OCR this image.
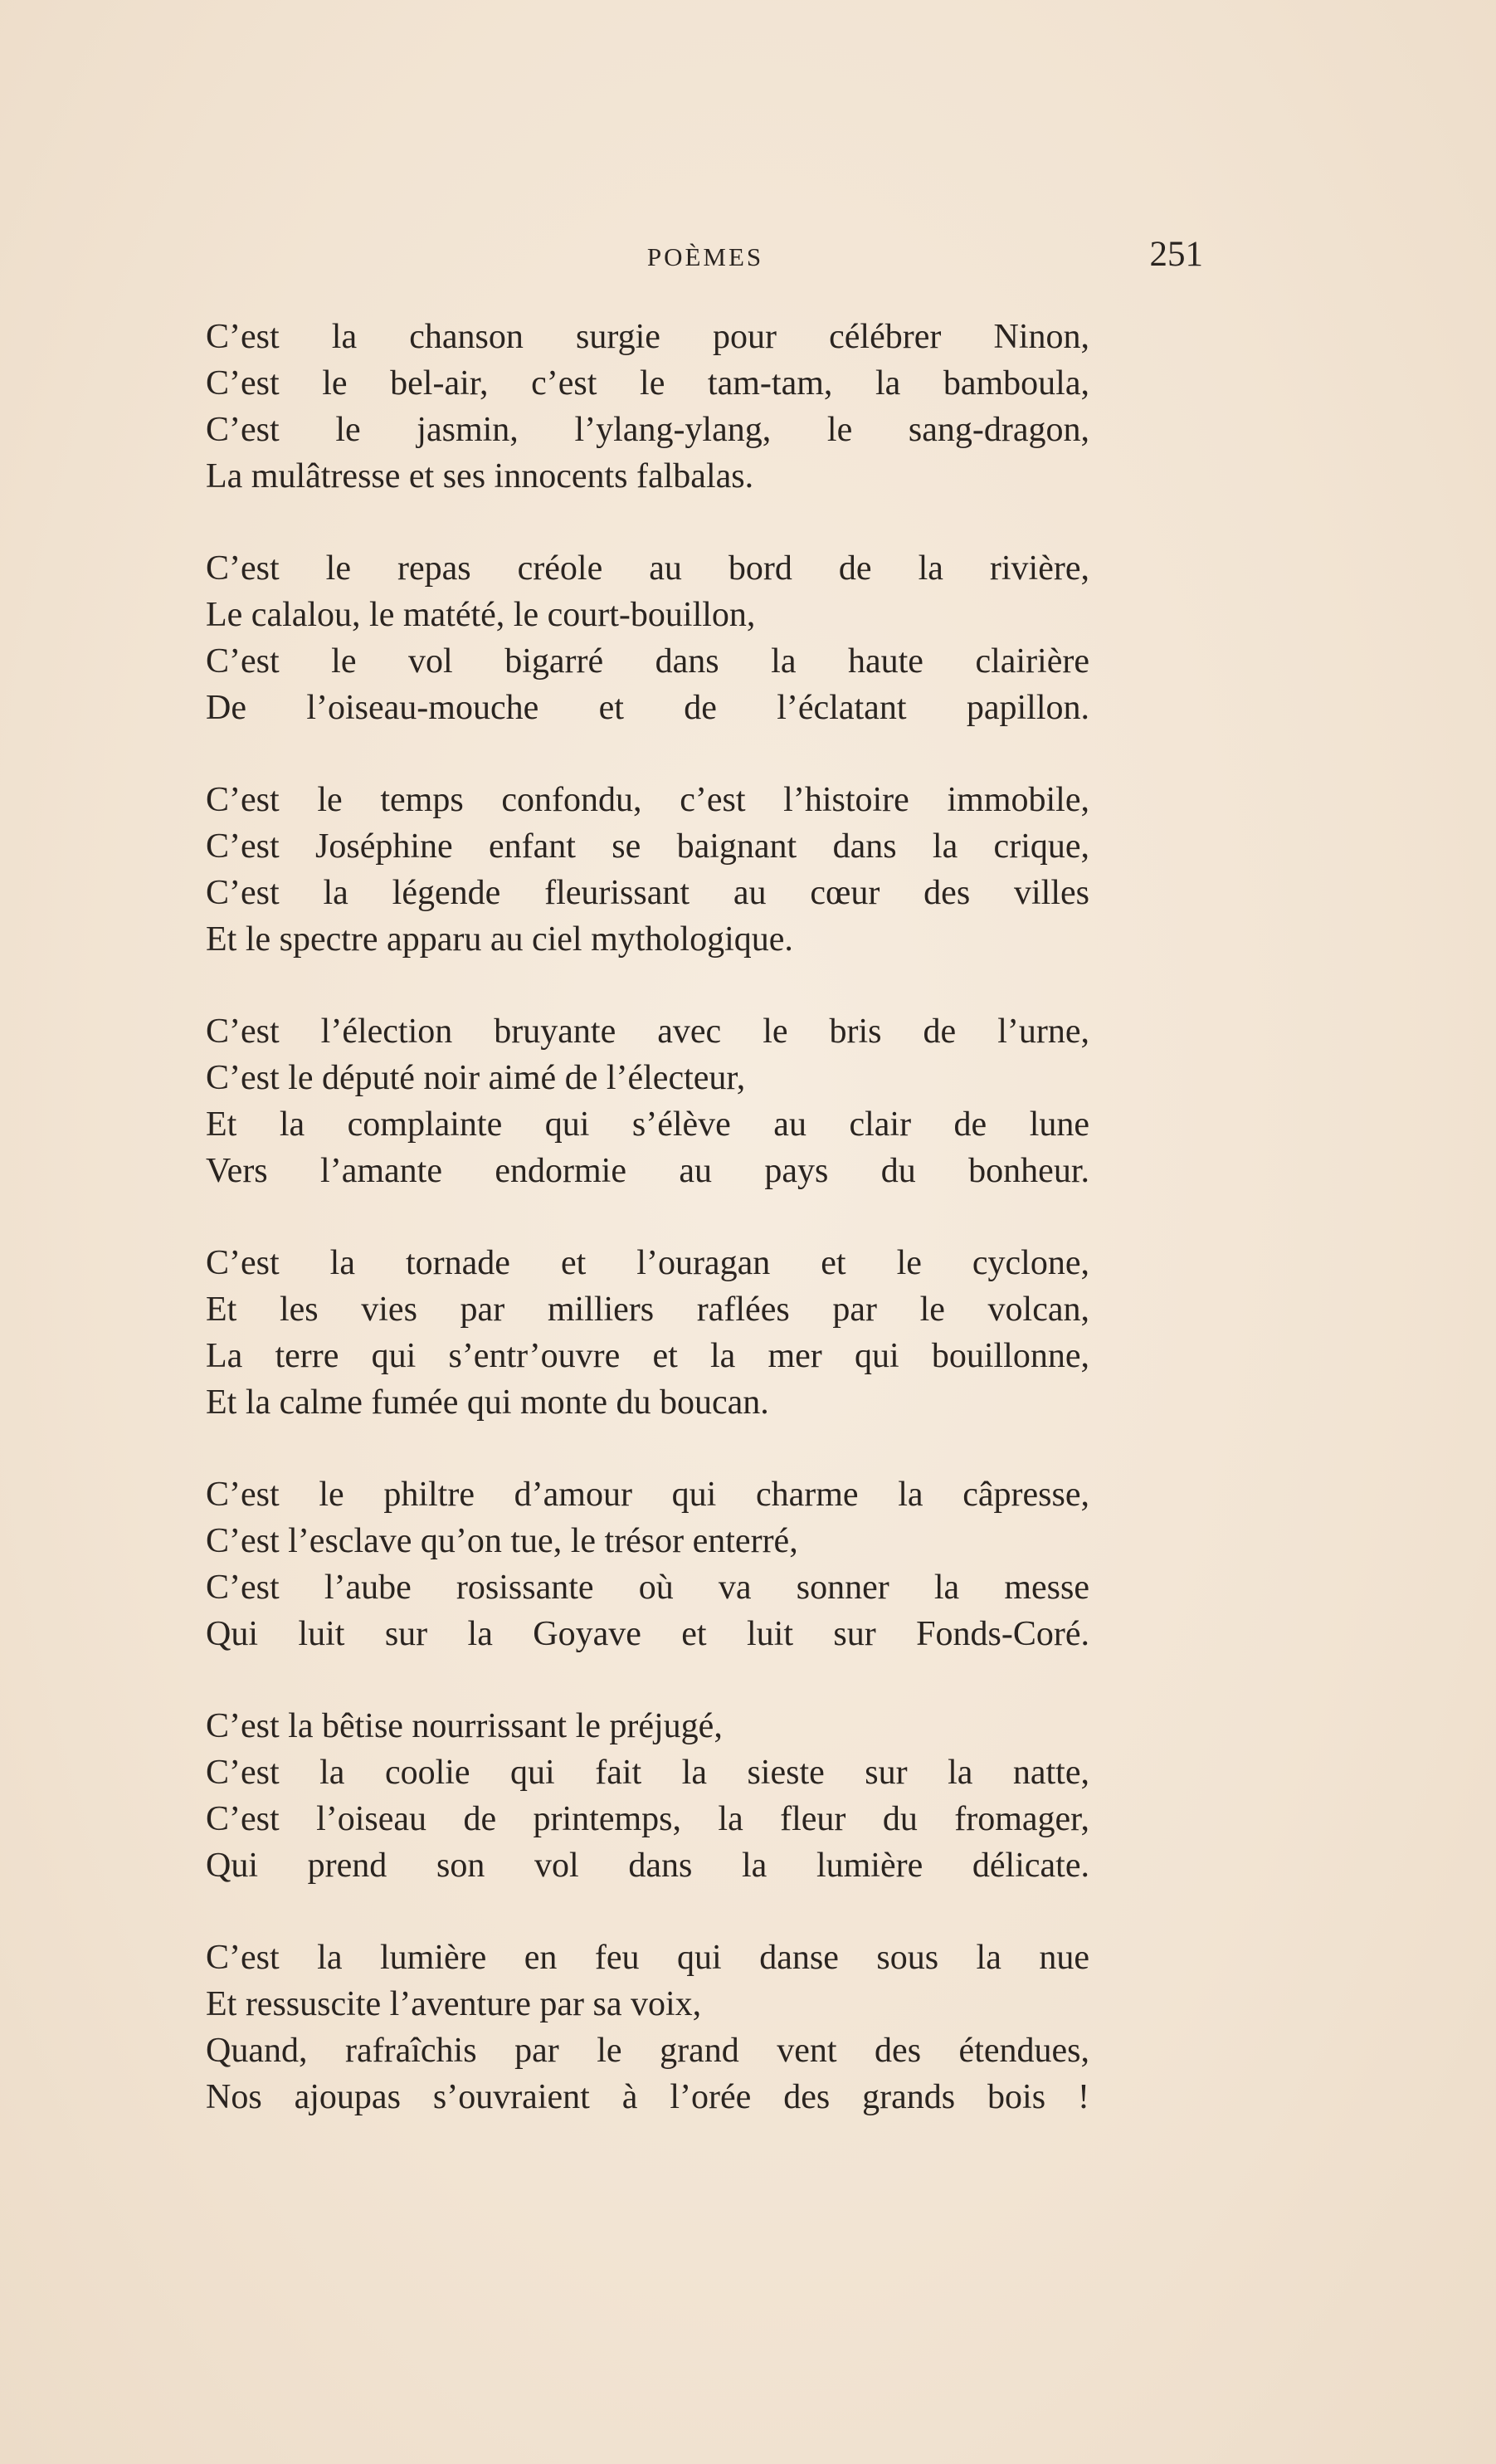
POÈMES	251
C’est la chanson surgie pour célébrer Ninon,
C’est le bel-air, c’est le tam-tam, la bamboula,
C’est le jasmin, l’ylang-ylang, le sang-dragon,
La mulâtresse et ses innocents falbalas.
C’est le repas créole au bord de la rivière,
Le calalou, le matété, le court-bouillon,
C’est le vol bigarré dans la haute clairière
De l’oiseau-mouche et de l’éclatant papillon.
C’est le temps confondu, c’est l’histoire immobile,
C’est Joséphine enfant se baignant dans la crique,
C’est la légende fleurissant au cœur des villes
Et le spectre apparu au ciel mythologique.
C’est l’élection bruyante avec le bris de l’urne,
C’est le député noir aimé de l’électeur,
Et la complainte qui s’élève au clair de lune
Vers l’amante endormie au pays du bonheur.
C’est la tornade et l’ouragan et le cyclone,
Et les vies par milliers raflées par le volcan,
La terre qui s’entr’ouvre et la mer qui bouillonne,
Et la calme fumée qui monte du boucan.
C’est le philtre d’amour qui charme la câpresse,
C’est l’esclave qu’on tue, le trésor enterré,
C’est l’aube rosissante où va sonner la messe
Qui luit sur la Goyave et luit sur Fonds-Coré.
C’est la bêtise nourrissant le préjugé,
C’est la coolie qui fait la sieste sur la natte,
C’est l’oiseau de printemps, la fleur du fromager,
Qui prend son vol dans la lumière délicate.
C’est la lumière en feu qui danse sous la nue
Et ressuscite l’aventure par sa voix,
Quand, rafraîchis par le grand vent des étendues,
Nos ajoupas s’ouvraient à l’orée des grands bois !
